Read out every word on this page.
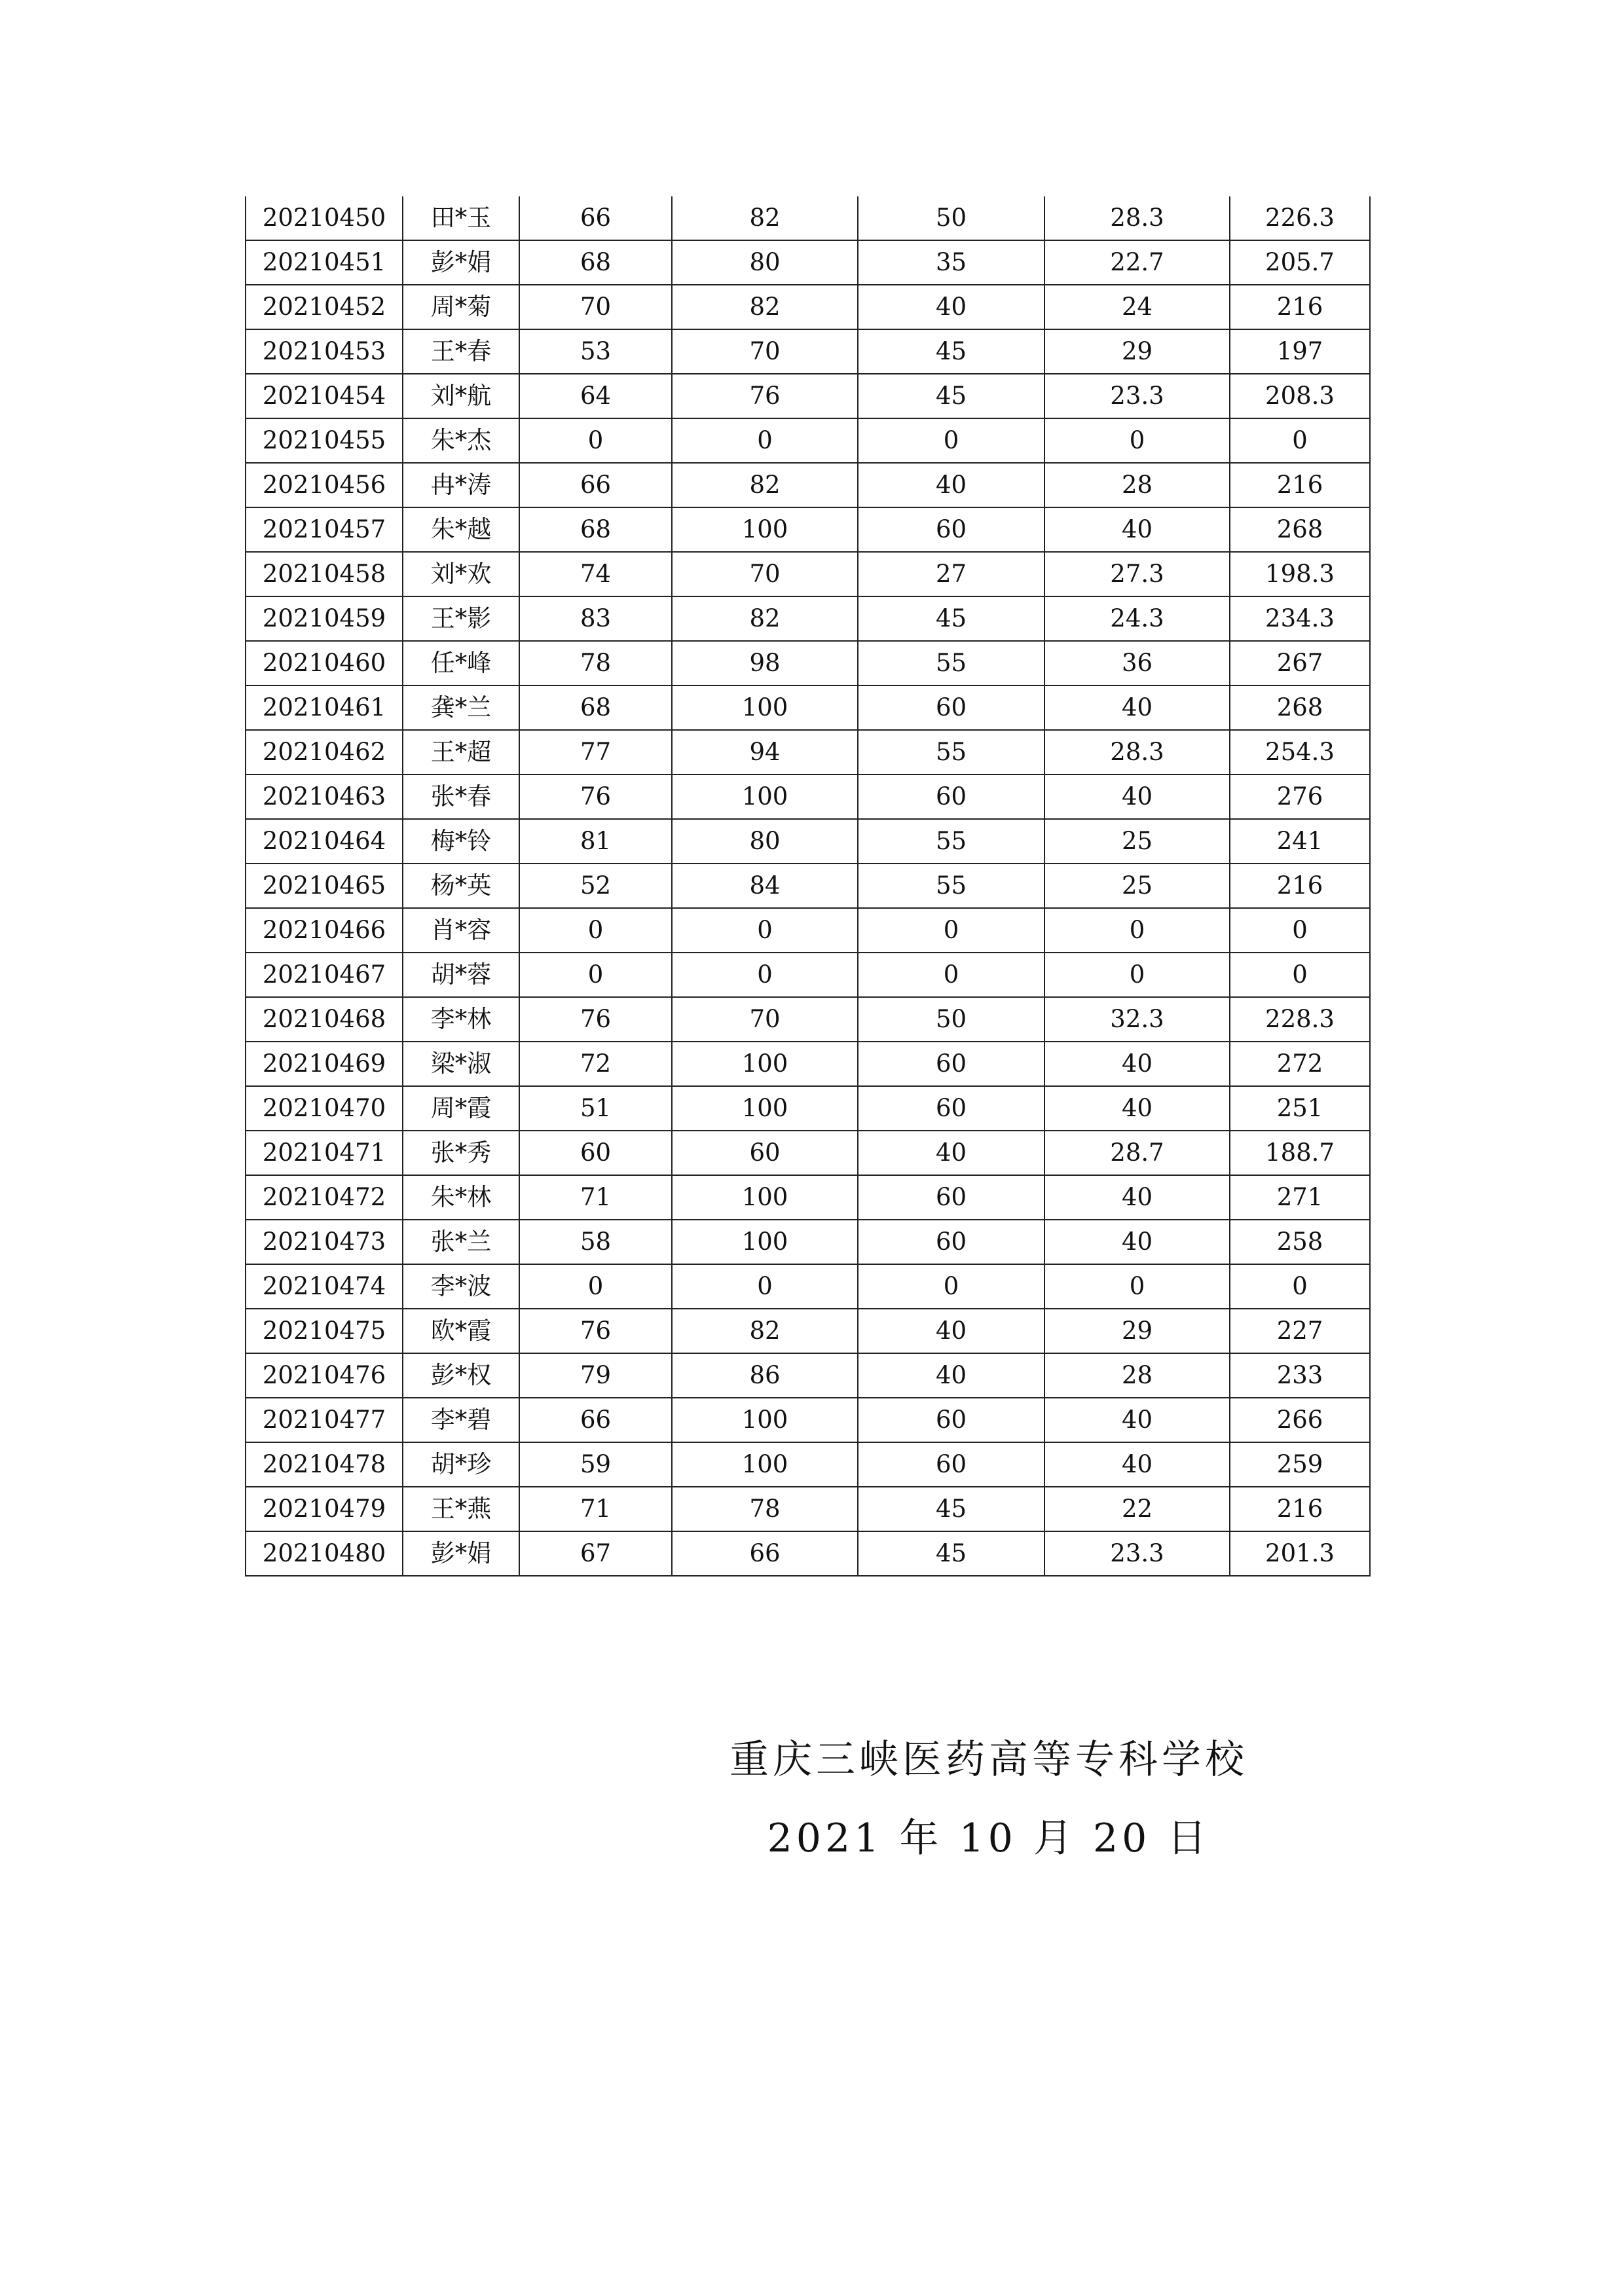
20210450	田*玉	66	82	50	28.3	226.3
20210451	彭*娟	68	80	35	22.7	205.7
20210452	周*菊	70	82	40	24	216
20210453	王*春	53	70	45	29	197
20210454	刘*航	64	76	45	23.3	208.3
20210455	朱*杰	0	0	0	0	0
20210456	冉*涛	66	82	40	28	216
20210457	朱*越	68	100	60	40	268
20210458	刘*欢	74	70	27	27.3	198.3
20210459	王*影	83	82	45	24.3	234.3
20210460	任*峰	78	98	55	36	267
20210461	龚*兰	68	100	60	40	268
20210462	王*超	77	94	55	28.3	254.3
20210463	张*春	76	100	60	40	276
20210464	梅*铃	81	80	55	25	241
20210465	杨*英	52	84	55	25	216
20210466	肖*容	0	0	0	0	0
20210467	胡*蓉	0	0	0	0	0
20210468	李*林	76	70	50	32.3	228.3
20210469	梁*淑	72	100	60	40	272
20210470	周*霞	51	100	60	40	251
20210471	张*秀	60	60	40	28.7	188.7
20210472	朱*林	71	100	60	40	271
20210473	张*兰	58	100	60	40	258
20210474	李*波	0	0	0	0	0
20210475	欧*霞	76	82	40	29	227
20210476	彭*权	79	86	40	28	233
20210477	李*碧	66	100	60	40	266
20210478	胡*珍	59	100	60	40	259
20210479	王*燕	71	78	45	22	216
20210480	彭*娟	67	66	45	23.3	201.3
重庆三峡医药高等专科学校
2021 年 10 月 20 日
